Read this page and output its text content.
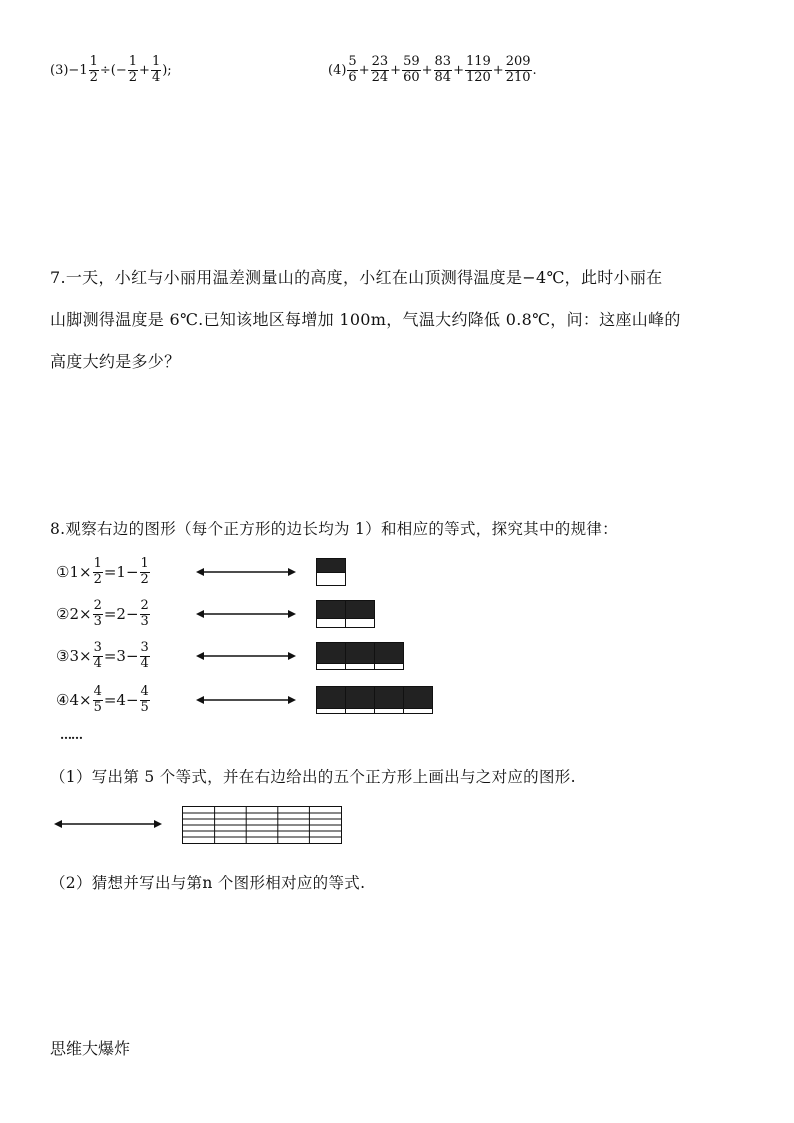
$(3) - 1 \frac{1}{2}$ ÷ (− $\frac{1}{2} + \frac{1}{4}$ );	$(4) \frac{5}{6} + \frac{23}{24} + \frac{59}{60} + \frac{83}{84} + \frac{119}{120} + \frac{209}{210}$ .
7.一天，小红与小丽用温差测量山的高度，小红在山顶测得温度是−4℃，此时小丽在
山脚测得温度是 6℃.已知该地区每增加 100m，气温大约降低 0.8℃，问：这座山峰的
高度大约是多少？
8.观察右边的图形（每个正方形的边长均为 1）和相应的等式，探究其中的规律：
① $1 \times \frac{1}{2} =1- \frac{1}{2}$
② $2 \times \frac{2}{3} =2- \frac{2}{3}$
③ $3 \times \frac{3}{4} =3- \frac{3}{4}$
④ $4 \times \frac{4}{5} =4- \frac{4}{5}$
……
（1）写出第 5 个等式，并在右边给出的五个正方形上画出与之对应的图形.
（2）猜想并写出与第n 个图形相对应的等式.
思维大爆炸
